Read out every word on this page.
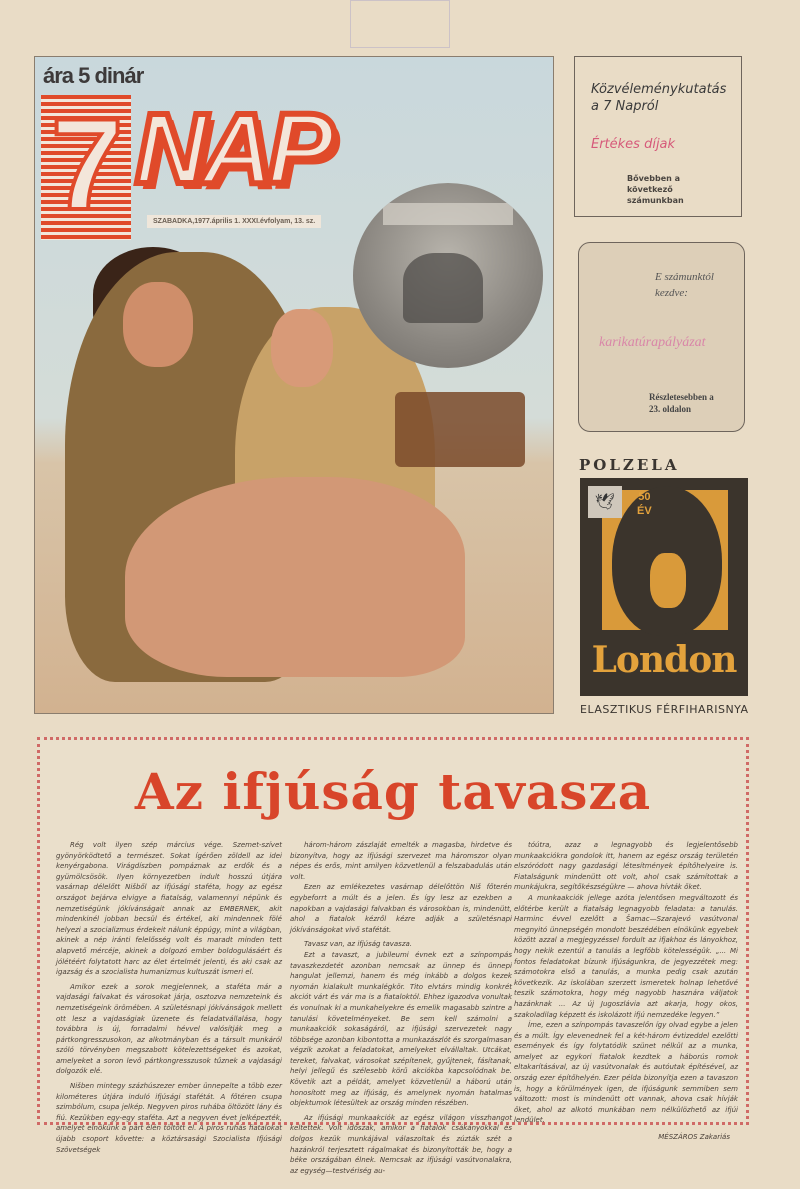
ára 5 dinár
7 NAP
SZABADKA,1977.április 1. XXXI.évfolyam, 13. sz.
Közvéleménykutatás a 7 Napról
Értékes díjak
Bővebben a következő számunkban
E számunktól kezdve:
karikatúrapályázat
Részletesebben a 23. oldalon
POLZELA
🕊	50
ÉV
London
ELASZTIKUS FÉRFIHARISNYA
Az ifjúság tavasza

Rég volt ilyen szép március vége. Szemet-szívet gyönyörködtető a természet. Sokat ígérően zöldell az idei kenyérgabona. Virágdíszben pompáznak az erdők és a gyümölcsösök. Ilyen környezetben indult hosszú útjára vasárnap délelőtt Nišből az ifjúsági stafétа, hogy az egész országot bejárva elvigye a fiatalság, valamennyi népünk és nemzetiségünk jókívánságait annak az EMBERNEK, akit mindenkinél jobban becsül és értékel, aki mindennek fölé helyezi a szocializmus érdekeit nálunk éppúgy, mint a világban, akinek a nép iránti felelősség volt és maradt minden tett alapvető mércéje, akinek a dolgozó ember boldogulásáért és jólétéért folytatott harc az élet értelmét jelenti, és aki csak az igazság és a szocialista humanizmus kultuszát ismeri el.

Amikor ezek a sorok megjelennek, a staféta már a vajdasági falvakat és városokat járja, osztozva nemzeteink és nemzetiségeink örömében. A születésnapi jókívánságok mellett ott lesz a vajdaságiak üzenete és feladatvállalása, hogy továbbra is új, forradalmi hévvel valósítják meg a pártkongresszusokon, az alkotmányban és a társult munkáról szóló törvényben megszabott kötelezettségeket és azokat, amelyeket a soron levő pártkongresszusok tűznek a vajdasági dolgozók elé.

Nišben mintegy százhúszezer ember ünnepelte a több ezer kilométeres útjára induló ifjúsági stafétát. A főtéren csupa szimbólum, csupa jelkép. Negyven piros ruhába öltözött lány és fiú. Kezükben egy-egy staféta. Azt a negyven évet jelképezték, amelyet elnökünk a párt élén töltött el. A piros ruhás fiatalokat újabb csoport követte: a köztársasági Szocialista Ifjúsági Szövetségek

három-három zászlaját emelték a magasba, hirdetve és bizonyítva, hogy az ifjúsági szervezet ma háromszor olyan népes és erős, mint amilyen közvetlenül a felszabadulás után volt.

Ezen az emlékezetes vasárnap délelőttön Niš főterén egybeforrt a múlt és a jelen. És így lesz az ezekben a napokban a vajdasági falvakban és városokban is, mindenütt, ahol a fiatalok kézről kézre adják a születésnapi jókívánságokat vivő stafétát.

Tavasz van, az ifjúság tavasza.

Ezt a tavaszt, a jubileumi évnek ezt a színpompás tavaszkezdetét azonban nemcsak az ünnep és ünnepi hangulat jellemzi, hanem és még inkább a dolgos kezek nyomán kialakult munkalégkör. Tito elvtárs mindig konkrét akciót várt és vár ma is a fiataloktól. Ehhez igazodva vonultak és vonulnak ki a munkahelyekre és emelik magasabb szintre a tanulási követelményeket. Be sem kell számolni a munkaakciók sokaságáról, az ifjúsági szervezetek nagy többsége azonban kibontotta a munkazászlót és szorgalmasan végzik azokat a feladatokat, amelyeket elvállaltak. Utcákat, tereket, falvakat, városokat szépítenek, gyűjtenek, fásítanak, helyi jellegű és szélesebb körű akciókba kapcsolódnak be. Követik azt a példát, amelyet közvetlenül a háború után honosított meg az ifjúság, és amelynek nyomán hatalmas objektumok létesültek az ország minden részében.

Az ifjúsági munkaakciók az egész világon visszhangot keltettek. Volt időszak, amikor a fiatalok csákányokkal és dolgos kezük munkájával válaszoltak és zúzták szét a hazánkról terjesztett rágalmakat és bizonyították be, hogy a béke országában élnek. Nemcsak az ifjúsági vasútvonalakra, az egység—testvériség au-

tóútra, azaz a legnagyobb és legjelentősebb munkaakciókra gondolok itt, hanem az egész ország területén elszóródott nagy gazdasági létesítmények építőhelyeire is. Fiatalságunk mindenütt ott volt, ahol csak számítottak a munkájukra, segítőkészségükre — ahova hívták őket.

A munkaakciók jellege azóta jelentősen megváltozott és előtérbe került a fiatalság legnagyobb feladata: a tanulás. Harminc évvel ezelőtt a Šamac—Szarajevó vasútvonal megnyitó ünnepségén mondott beszédében elnökünk egyebek között azzal a megjegyzéssel fordult az ifjakhoz és lányokhoz, hogy nekik ezentúl a tanulás a legfőbb kötelességük. „... Mi fontos feladatokat bízunk ifjúságunkra, de jegyezzétek meg: számotokra első a tanulás, a munka pedig csak azután következik. Az iskolában szerzett ismeretek holnap lehetővé teszik számotokra, hogy még nagyobb hasznára váljatok hazánknak ... Az új Jugoszlávia azt akarja, hogy okos, szakoladilag képzett és iskolázott ifjú nemzedéke legyen.”

Íme, ezen a színpompás tavaszelőn így olvad egybe a jelen és a múlt. Így elevenednek fel a két-három évtizeddel ezelőtti események és így folytatódik szünet nélkül az a munka, amelyet az egykori fiatalok kezdtek a háborús romok eltakarításával, az új vasútvonalak és autóutak építésével, az ország ezer építőhelyén. Ezer példa bizonyítja ezen a tavaszon is, hogy a körülmények igen, de ifjúságunk semmiben sem változott: most is mindenütt ott vannak, ahova csak hívják őket, ahol az alkotó munkában nem nélkülözhető az ifjúi lendület.

MÉSZÁROS Zakariás
